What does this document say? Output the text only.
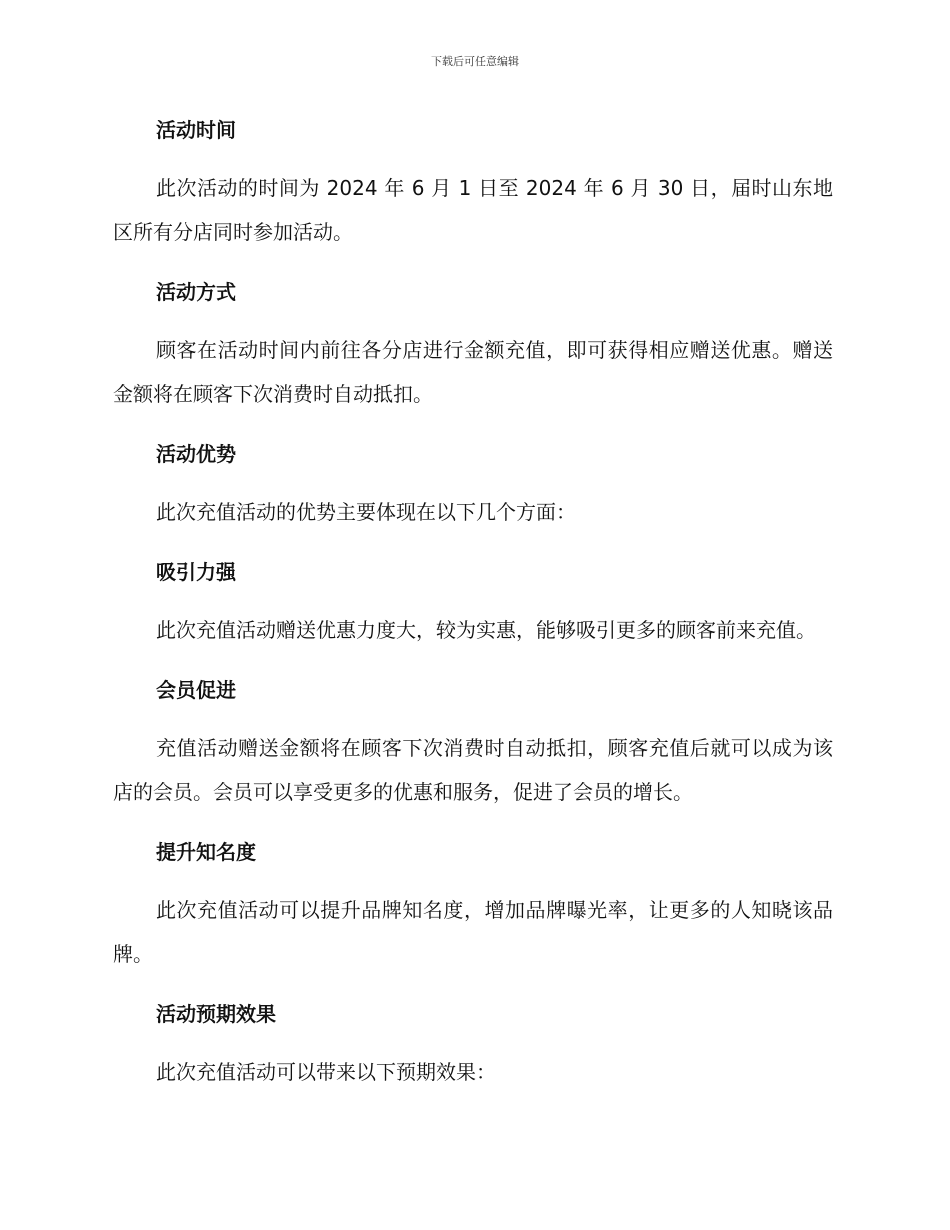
下载后可任意编辑
活动时间
此次活动的时间为 2024 年 6 月 1 日至 2024 年 6 月 30 日，届时山东地区所有分店同时参加活动。
活动方式
顾客在活动时间内前往各分店进行金额充值，即可获得相应赠送优惠。赠送金额将在顾客下次消费时自动抵扣。
活动优势
此次充值活动的优势主要体现在以下几个方面：
吸引力强
此次充值活动赠送优惠力度大，较为实惠，能够吸引更多的顾客前来充值。
会员促进
充值活动赠送金额将在顾客下次消费时自动抵扣，顾客充值后就可以成为该店的会员。会员可以享受更多的优惠和服务，促进了会员的增长。
提升知名度
此次充值活动可以提升品牌知名度，增加品牌曝光率，让更多的人知晓该品牌。
活动预期效果
此次充值活动可以带来以下预期效果：
